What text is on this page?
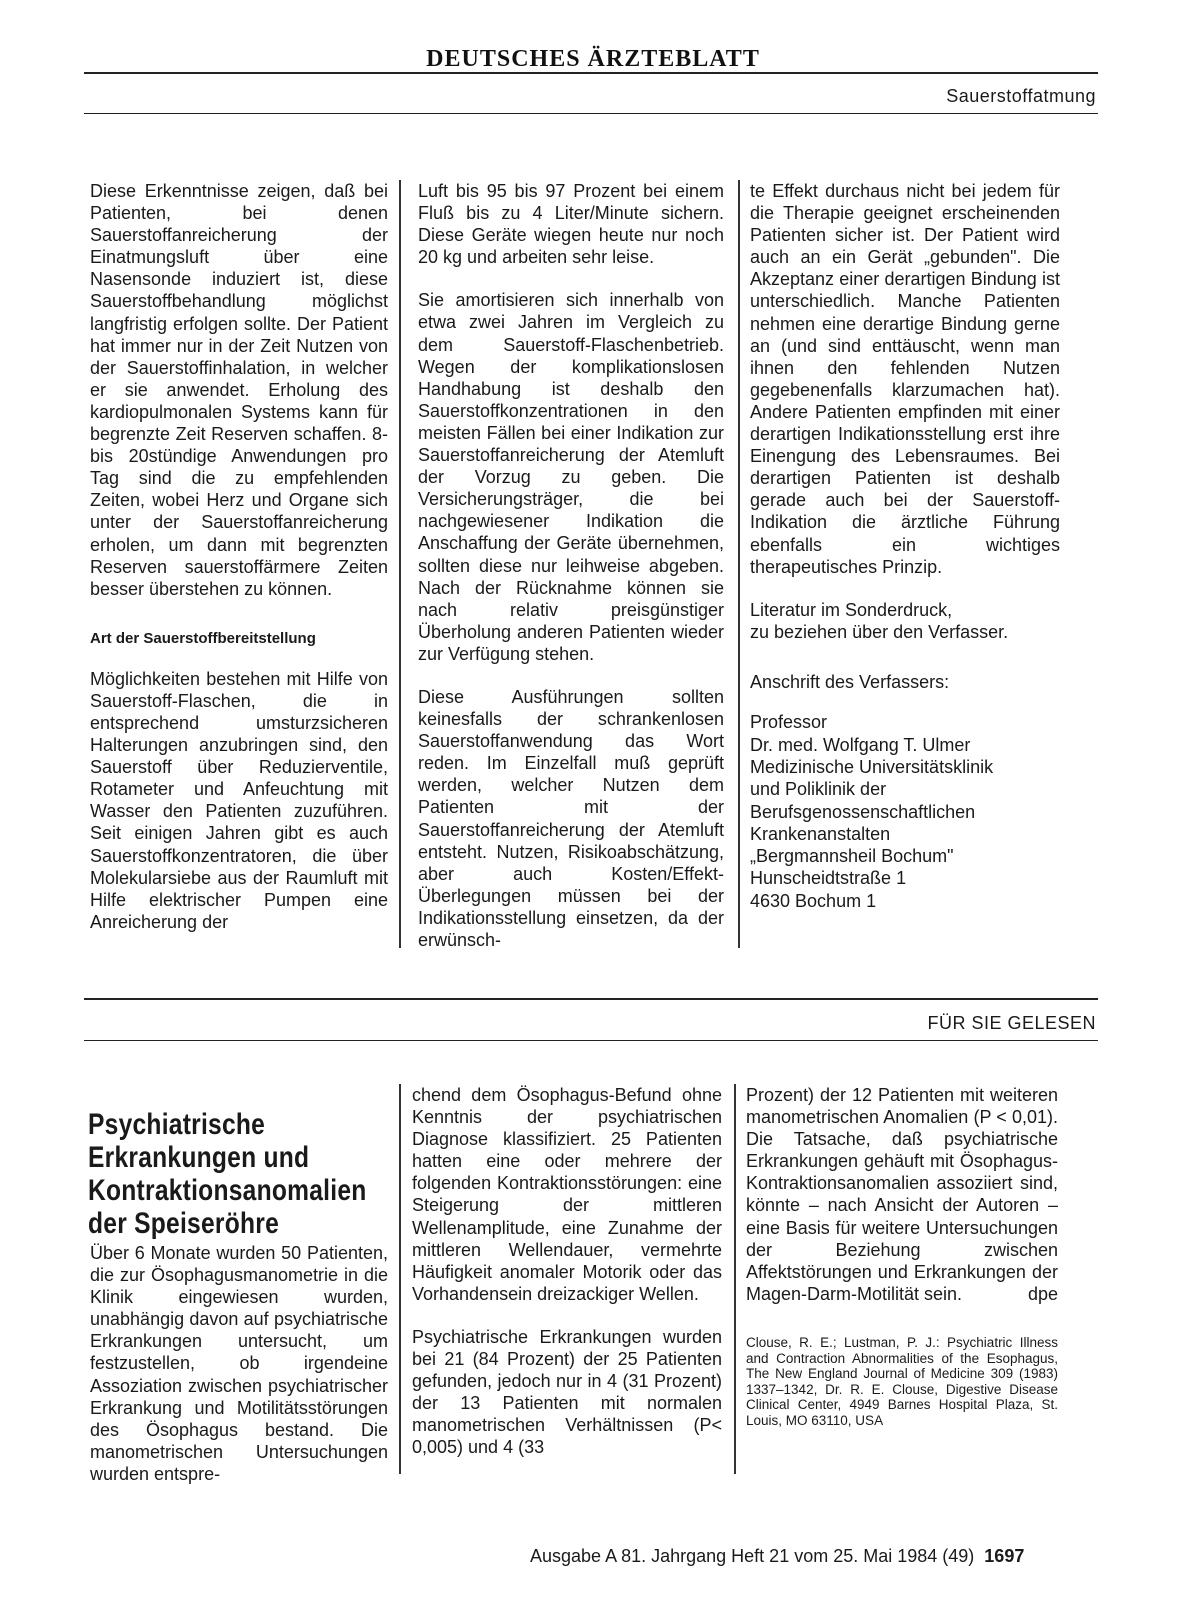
DEUTSCHES ÄRZTEBLATT
Sauerstoffatmung

Diese Erkenntnisse zeigen, daß bei Patienten, bei denen Sauerstoffanreicherung der Einatmungsluft über eine Nasensonde induziert ist, diese Sauerstoffbehandlung möglichst langfristig erfolgen sollte. Der Patient hat immer nur in der Zeit Nutzen von der Sauerstoffinhalation, in welcher er sie anwendet. Erholung des kardiopulmonalen Systems kann für begrenzte Zeit Reserven schaffen. 8- bis 20stündige Anwendungen pro Tag sind die zu empfehlenden Zeiten, wobei Herz und Organe sich unter der Sauerstoffanreicherung erholen, um dann mit begrenzten Reserven sauerstoffärmere Zeiten besser überstehen zu können.

Art der Sauerstoffbereitstellung

Möglichkeiten bestehen mit Hilfe von Sauerstoff-Flaschen, die in entsprechend umsturzsicheren Halterungen anzubringen sind, den Sauerstoff über Reduzierventile, Rotameter und Anfeuchtung mit Wasser den Patienten zuzuführen. Seit einigen Jahren gibt es auch Sauerstoffkonzentratoren, die über Molekularsiebe aus der Raumluft mit Hilfe elektrischer Pumpen eine Anreicherung der

Luft bis 95 bis 97 Prozent bei einem Fluß bis zu 4 Liter/Minute sichern. Diese Geräte wiegen heute nur noch 20 kg und arbeiten sehr leise.

Sie amortisieren sich innerhalb von etwa zwei Jahren im Vergleich zu dem Sauerstoff-Flaschenbetrieb. Wegen der komplikationslosen Handhabung ist deshalb den Sauerstoffkonzentrationen in den meisten Fällen bei einer Indikation zur Sauerstoffanreicherung der Atemluft der Vorzug zu geben. Die Versicherungsträger, die bei nachgewiesener Indikation die Anschaffung der Geräte übernehmen, sollten diese nur leihweise abgeben. Nach der Rücknahme können sie nach relativ preisgünstiger Überholung anderen Patienten wieder zur Verfügung stehen.

Diese Ausführungen sollten keinesfalls der schrankenlosen Sauerstoffanwendung das Wort reden. Im Einzelfall muß geprüft werden, welcher Nutzen dem Patienten mit der Sauerstoffanreicherung der Atemluft entsteht. Nutzen, Risikoabschätzung, aber auch Kosten/Effekt-Überlegungen müssen bei der Indikationsstellung einsetzen, da der erwünsch-

te Effekt durchaus nicht bei jedem für die Therapie geeignet erscheinenden Patienten sicher ist. Der Patient wird auch an ein Gerät „gebunden". Die Akzeptanz einer derartigen Bindung ist unterschiedlich. Manche Patienten nehmen eine derartige Bindung gerne an (und sind enttäuscht, wenn man ihnen den fehlenden Nutzen gegebenenfalls klarzumachen hat). Andere Patienten empfinden mit einer derartigen Indikationsstellung erst ihre Einengung des Lebensraumes. Bei derartigen Patienten ist deshalb gerade auch bei der Sauerstoff-Indikation die ärztliche Führung ebenfalls ein wichtiges therapeutisches Prinzip.

Literatur im Sonderdruck,
zu beziehen über den Verfasser.
Anschrift des Verfassers:
Professor
Dr. med. Wolfgang T. Ulmer
Medizinische Universitätsklinik
und Poliklinik der
Berufsgenossenschaftlichen
Krankenanstalten
„Bergmannsheil Bochum"
Hunscheidtstraße 1
4630 Bochum 1
FÜR SIE GELESEN
Psychiatrische
Erkrankungen und
Kontraktionsanomalien
der Speiseröhre

Über 6 Monate wurden 50 Patienten, die zur Ösophagusmanometrie in die Klinik eingewiesen wurden, unabhängig davon auf psychiatrische Erkrankungen untersucht, um festzustellen, ob irgendeine Assoziation zwischen psychiatrischer Erkrankung und Motilitätsstörungen des Ösophagus bestand. Die manometrischen Untersuchungen wurden entspre-

chend dem Ösophagus-Befund ohne Kenntnis der psychiatrischen Diagnose klassifiziert. 25 Patienten hatten eine oder mehrere der folgenden Kontraktionsstörungen: eine Steigerung der mittleren Wellenamplitude, eine Zunahme der mittleren Wellendauer, vermehrte Häufigkeit anomaler Motorik oder das Vorhandensein dreizackiger Wellen.

Psychiatrische Erkrankungen wurden bei 21 (84 Prozent) der 25 Patienten gefunden, jedoch nur in 4 (31 Prozent) der 13 Patienten mit normalen manometrischen Verhältnissen (P< 0,005) und 4 (33

Prozent) der 12 Patienten mit weiteren manometrischen Anomalien (P < 0,01). Die Tatsache, daß psychiatrische Erkrankungen gehäuft mit Ösophagus-Kontraktionsanomalien assoziiert sind, könnte – nach Ansicht der Autoren – eine Basis für weitere Untersuchungen der Beziehung zwischen Affektstörungen und Erkrankungen der Magen-Darm-Motilität sein.	dpe

Clouse, R. E.; Lustman, P. J.: Psychiatric Illness and Contraction Abnormalities of the Esophagus, The New England Journal of Medicine 309 (1983) 1337–1342, Dr. R. E. Clouse, Digestive Disease Clinical Center, 4949 Barnes Hospital Plaza, St. Louis, MO 63110, USA
Ausgabe A 81. Jahrgang Heft 21 vom 25. Mai 1984 (49) 1697
